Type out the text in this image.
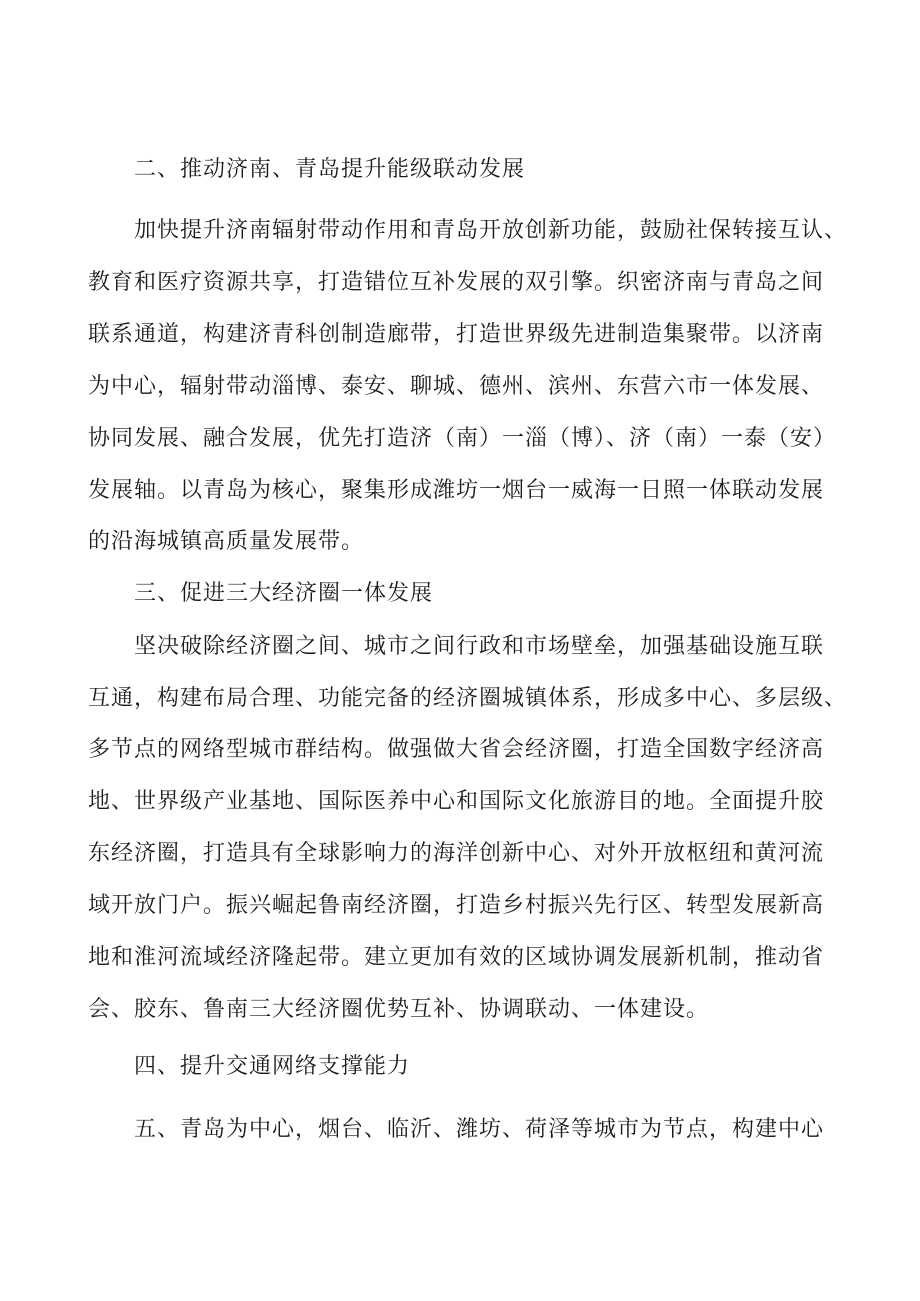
二、推动济南、青岛提升能级联动发展
加快提升济南辐射带动作用和青岛开放创新功能，鼓励社保转接互认、
教育和医疗资源共享，打造错位互补发展的双引擎。织密济南与青岛之间
联系通道，构建济青科创制造廊带，打造世界级先进制造集聚带。以济南
为中心，辐射带动淄博、泰安、聊城、德州、滨州、东营六市一体发展、
协同发展、融合发展，优先打造济（南）一淄（博）、济（南）一泰（安）
发展轴。以青岛为核心，聚集形成潍坊一烟台一威海一日照一体联动发展
的沿海城镇高质量发展带。
三、促进三大经济圈一体发展
坚决破除经济圈之间、城市之间行政和市场壁垒，加强基础设施互联
互通，构建布局合理、功能完备的经济圈城镇体系，形成多中心、多层级、
多节点的网络型城市群结构。做强做大省会经济圈，打造全国数字经济高
地、世界级产业基地、国际医养中心和国际文化旅游目的地。全面提升胶
东经济圈，打造具有全球影响力的海洋创新中心、对外开放枢纽和黄河流
域开放门户。振兴崛起鲁南经济圈，打造乡村振兴先行区、转型发展新高
地和淮河流域经济隆起带。建立更加有效的区域协调发展新机制，推动省
会、胶东、鲁南三大经济圈优势互补、协调联动、一体建设。
四、提升交通网络支撑能力
五、青岛为中心，烟台、临沂、潍坊、荷泽等城市为节点，构建中心
